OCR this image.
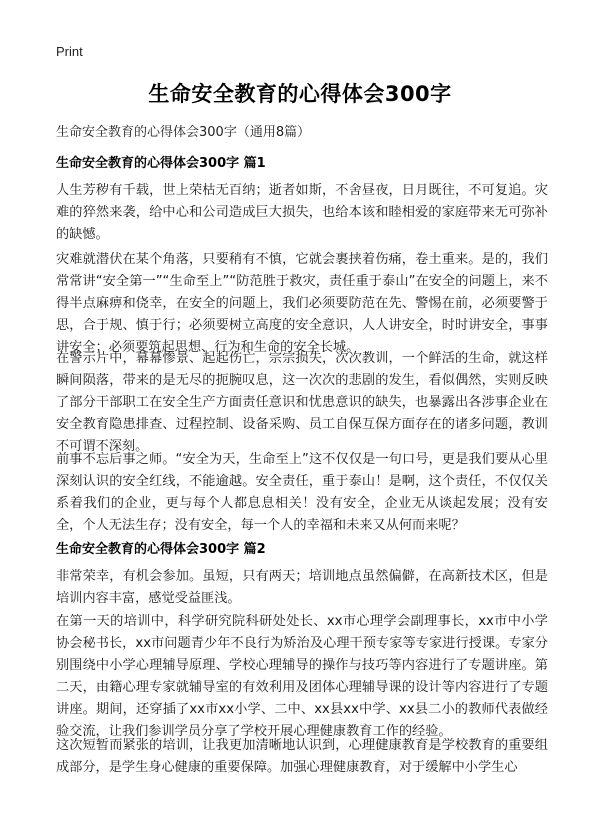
Print
生命安全教育的心得体会300字
生命安全教育的心得体会300字（通用8篇）
生命安全教育的心得体会300字 篇1
人生芳秽有千载，世上荣枯无百纳；逝者如斯，不舍昼夜，日月既往，不可复追。灾难的猝然来袭，给中心和公司造成巨大损失，也给本该和睦相爱的家庭带来无可弥补的缺憾。
灾难就潜伏在某个角落，只要稍有不慎，它就会裹挟着伤痛，卷土重来。是的，我们常常讲“安全第一”“生命至上”“防范胜于救灾，责任重于泰山”在安全的问题上，来不得半点麻痹和侥幸，在安全的问题上，我们必须要防范在先、警惕在前，必须要警于思，合于规、慎于行；必须要树立高度的安全意识，人人讲安全，时时讲安全，事事讲安全；必须要筑起思想、行为和生命的安全长城。
在警示片中，幕幕惨景、起起伤亡，宗宗损失，次次教训，一个鲜活的生命，就这样瞬间陨落，带来的是无尽的扼腕叹息，这一次次的悲剧的发生，看似偶然，实则反映了部分干部职工在安全生产方面责任意识和忧患意识的缺失，也暴露出各涉事企业在安全教育隐患排查、过程控制、设备采购、员工自保互保方面存在的诸多问题，教训不可谓不深刻。
前事不忘后事之师。“安全为天，生命至上”这不仅仅是一句口号，更是我们要从心里深刻认识的安全红线，不能逾越。安全责任，重于泰山！是啊，这个责任，不仅仅关系着我们的企业，更与每个人都息息相关！没有安全，企业无从谈起发展；没有安全，个人无法生存；没有安全，每一个人的幸福和未来又从何而来呢？
生命安全教育的心得体会300字 篇2
非常荣幸，有机会参加。虽短，只有两天；培训地点虽然偏僻，在高新技术区，但是培训内容丰富，感觉受益匪浅。
在第一天的培训中，科学研究院科研处处长、xx市心理学会副理事长，xx市中小学协会秘书长，xx市问题青少年不良行为矫治及心理干预专家等专家进行授课。专家分别围绕中小学心理辅导原理、学校心理辅导的操作与技巧等内容进行了专题讲座。第二天，由籍心理专家就辅导室的有效利用及团体心理辅导课的设计等内容进行了专题讲座。期间，还穿插了xx市xx小学、二中、xx县xx中学、xx县二小的教师代表做经验交流，让我们参训学员分享了学校开展心理健康教育工作的经验。
这次短暂而紧张的培训，让我更加清晰地认识到，心理健康教育是学校教育的重要组成部分，是学生身心健康的重要保障。加强心理健康教育，对于缓解中小学生心
